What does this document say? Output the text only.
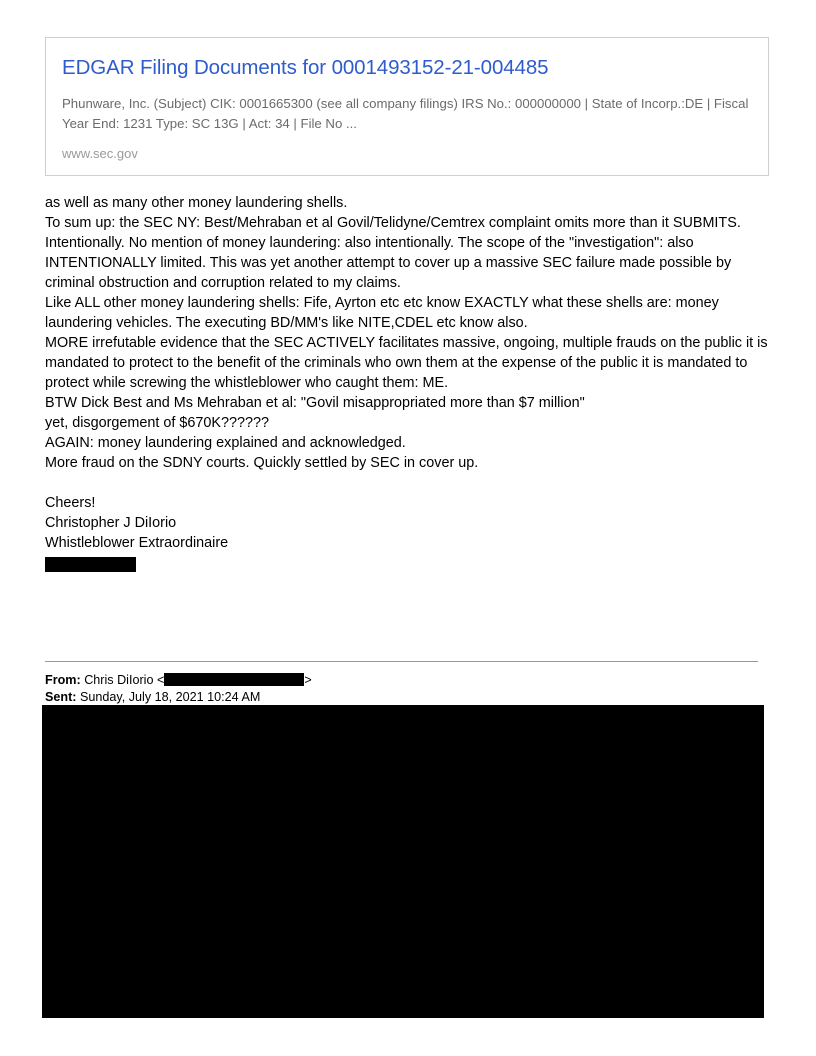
EDGAR Filing Documents for 0001493152-21-004485
Phunware, Inc. (Subject) CIK: 0001665300 (see all company filings) IRS No.: 000000000 | State of Incorp.:DE | Fiscal Year End: 1231 Type: SC 13G | Act: 34 | File No ...
www.sec.gov

as well as many other money laundering shells.

To sum up: the SEC NY: Best/Mehraban et al Govil/Telidyne/Cemtrex complaint omits more than it SUBMITS. Intentionally. No mention of money laundering: also intentionally. The scope of the "investigation": also INTENTIONALLY limited. This was yet another attempt to cover up a massive SEC failure made possible by criminal obstruction and corruption related to my claims.

Like ALL other money laundering shells: Fife, Ayrton etc etc know EXACTLY what these shells are: money laundering vehicles. The executing BD/MM's like NITE,CDEL etc know also.

MORE irrefutable evidence that the SEC ACTIVELY facilitates massive, ongoing, multiple frauds on the public it is mandated to protect to the benefit of the criminals who own them at the expense of the public it is mandated to protect while screwing the whistleblower who caught them: ME.

BTW Dick Best and Ms Mehraban et al: "Govil misappropriated more than $7 million"

yet, disgorgement of $670K??????

AGAIN: money laundering explained and acknowledged.

More fraud on the SDNY courts. Quickly settled by SEC in cover up.

Cheers!

Christopher J DiIorio

Whistleblower Extraordinaire

From: Chris DiIorio <	>
Sent: Sunday, July 18, 2021 10:24 AM
